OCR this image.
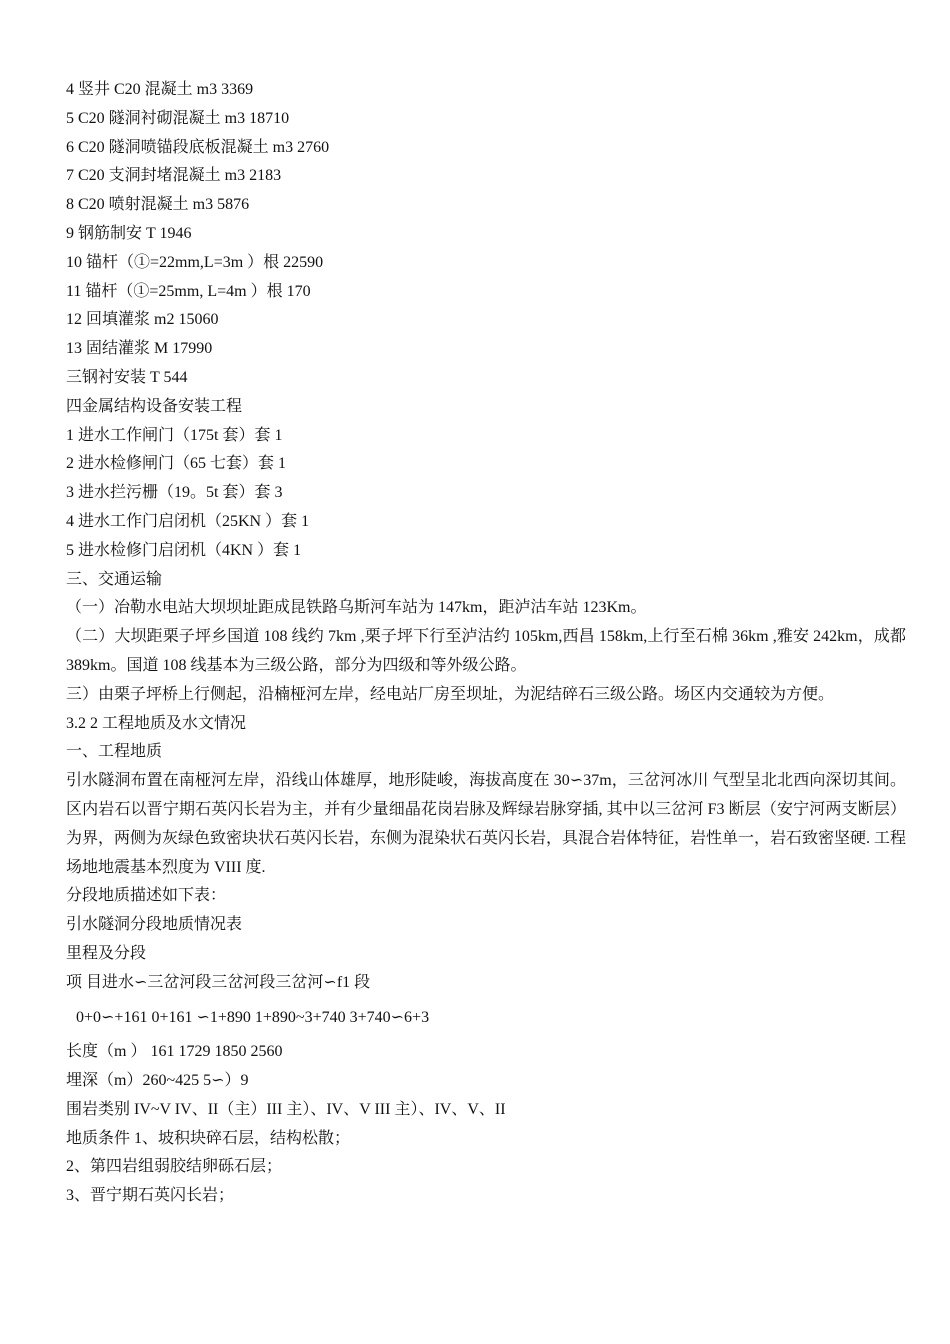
4 竖井 C20 混凝土 m3 3369
5 C20 隧洞衬砌混凝土 m3 18710
6 C20 隧洞喷锚段底板混凝土 m3 2760
7 C20 支洞封堵混凝土 m3 2183
8 C20 喷射混凝土 m3 5876
9 钢筋制安 T 1946
10 锚杆（①=22mm,L=3m ）根 22590
11 锚杆（①=25mm, L=4m ）根 170
12 回填灌浆 m2 15060
13 固结灌浆 M 17990
三钢衬安装 T 544
四金属结构设备安装工程
1 进水工作闸门（175t 套）套 1
2 进水检修闸门（65 七套）套 1
3 进水拦污栅（19。5t 套）套 3
4 进水工作门启闭机（25KN ）套 1
5 进水检修门启闭机（4KN ）套 1
三、交通运输
（一）冶勒水电站大坝坝址距成昆铁路乌斯河车站为 147km，距泸沽车站 123Km。
（二）大坝距栗子坪乡国道 108 线约 7km ,栗子坪下行至泸沽约 105km,西昌 158km,上行至石棉 36km ,雅安 242km，成都 389km。国道 108 线基本为三级公路，部分为四级和等外级公路。
三）由栗子坪桥上行侧起，沿楠桠河左岸，经电站厂房至坝址，为泥结碎石三级公路。场区内交通较为方便。
3.2 2 工程地质及水文情况
一、工程地质
引水隧洞布置在南桠河左岸，沿线山体雄厚，地形陡峻，海拔高度在 30∽37m，三岔河冰川 气型呈北北西向深切其间。区内岩石以晋宁期石英闪长岩为主，并有少量细晶花岗岩脉及辉绿岩脉穿插, 其中以三岔河 F3 断层（安宁河两支断层）为界，两侧为灰绿色致密块状石英闪长岩，东侧为混染状石英闪长岩，具混合岩体特征，岩性单一，岩石致密坚硬. 工程场地地震基本烈度为 VIII 度.
分段地质描述如下表：
引水隧洞分段地质情况表
里程及分段
项 目进水∽三岔河段三岔河段三岔河∽f1 段
0+0∽+161 0+161 ∽1+890 1+890~3+740 3+740∽6+3
长度（m ） 161 1729 1850 2560
埋深（m）260~425 5∽）9
围岩类别 IV~V IV、II（主）III 主）、IV、V III 主）、IV、V、II
地质条件 1、坡积块碎石层，结构松散；
2、第四岩组弱胶结卵砾石层；
3、晋宁期石英闪长岩；
